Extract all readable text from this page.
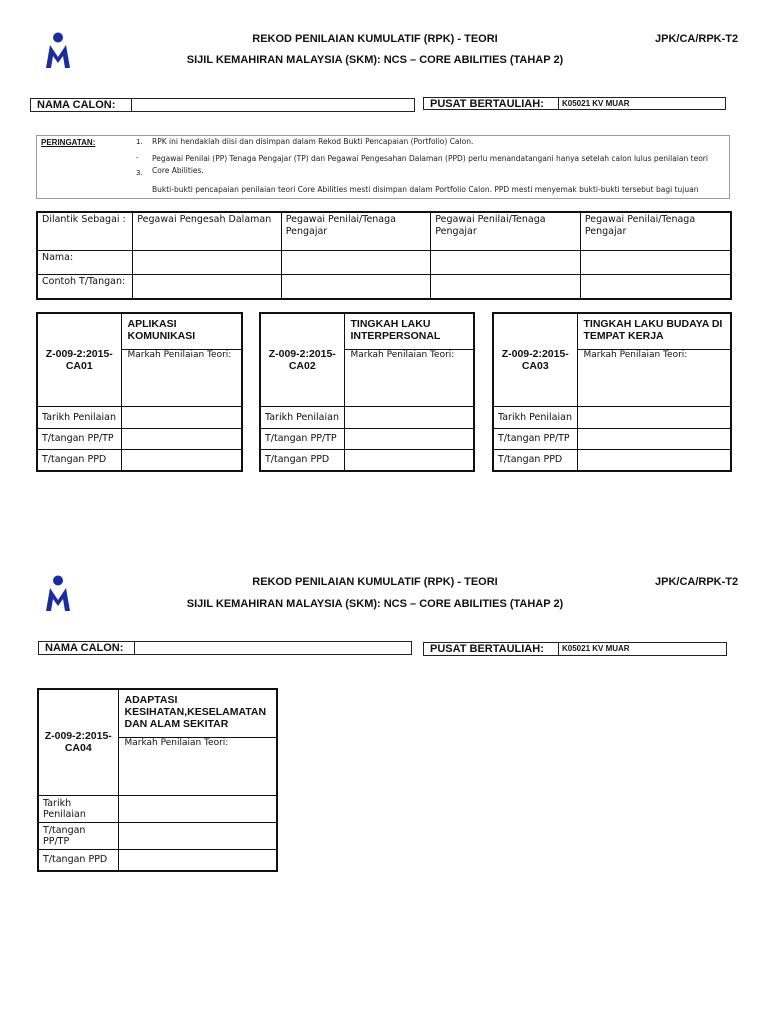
REKOD PENILAIAN KUMULATIF (RPK) - TEORI	JPK/CA/RPK-T2
SIJIL KEMAHIRAN MALAYSIA (SKM): NCS – CORE ABILITIES (TAHAP 2)
NAMA CALON:	PUSAT BERTAULIAH:	K05021 KV MUAR
PERINGATAN:	1. RPK ini hendaklah diisi dan disimpan dalam Rekod Bukti Pencapaian (Portfolio) Calon.
- Pegawai Penilai (PP) Tenaga Pengajar (TP) dan Pegawai Pengesahan Dalaman (PPD) perlu menandatangani hanya setelah calon lulus penilaian teori
3. Core Abilities.
Bukti-bukti pencapaian penilaian teori Core Abilities mesti disimpan dalam Portfolio Calon. PPD mesti menyemak bukti-bukti tersebut bagi tujuan
Dilantik Sebagai :	Pegawai Pengesah Dalaman	Pegawai Penilai/Tenaga Pengajar	Pegawai Penilai/Tenaga Pengajar	Pegawai Penilai/Tenaga Pengajar
Nama:				
Contoh T/Tangan:				
Z-009-2:2015-CA01	APLIKASI KOMUNIKASI
	Markah Penilaian Teori:
Tarikh Penilaian	
T/tangan PP/TP	
T/tangan PPD	
Z-009-2:2015-CA02	TINGKAH LAKU INTERPERSONAL
	Markah Penilaian Teori:
Tarikh Penilaian	
T/tangan PP/TP	
T/tangan PPD	
Z-009-2:2015-CA03	TINGKAH LAKU BUDAYA DI TEMPAT KERJA
	Markah Penilaian Teori:
Tarikh Penilaian	
T/tangan PP/TP	
T/tangan PPD	
REKOD PENILAIAN KUMULATIF (RPK) - TEORI	JPK/CA/RPK-T2
SIJIL KEMAHIRAN MALAYSIA (SKM): NCS – CORE ABILITIES (TAHAP 2)
NAMA CALON:	PUSAT BERTAULIAH:	K05021 KV MUAR
Z-009-2:2015-CA04	ADAPTASI KESIHATAN,KESELAMATAN DAN ALAM SEKITAR
	Markah Penilaian Teori:
Tarikh Penilaian	
T/tangan PP/TP	
T/tangan PPD	
